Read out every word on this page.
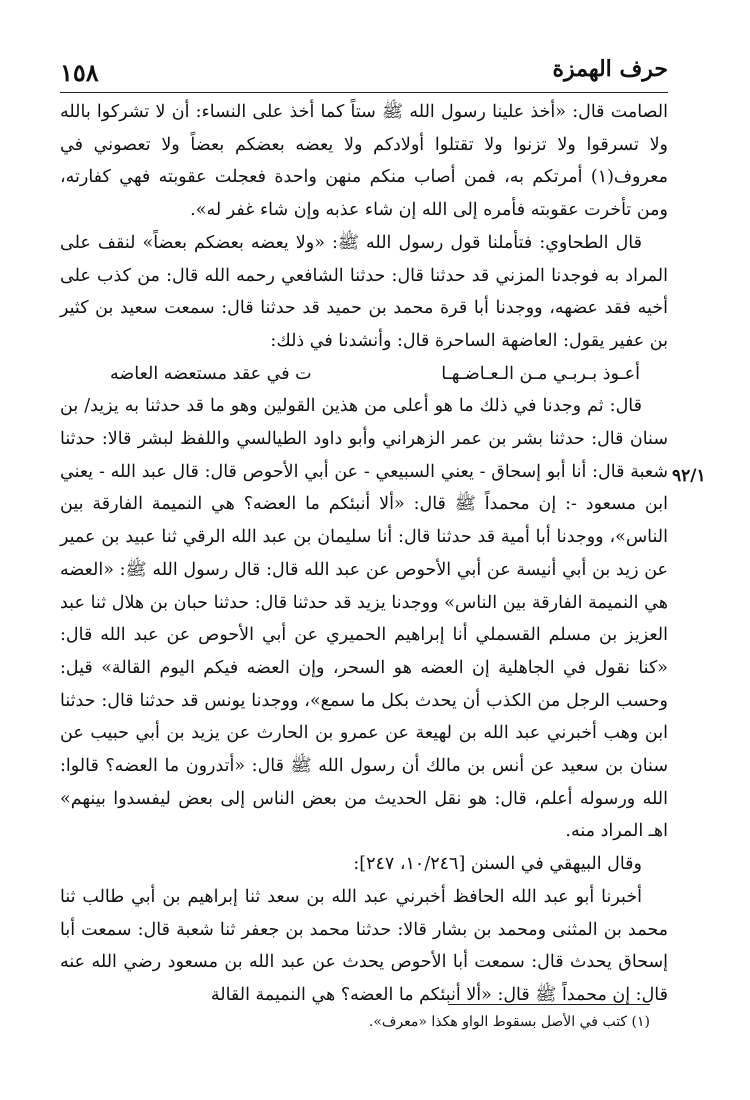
١٥٨	حرف الهمزة

الصامت قال: «أخذ علينا رسول الله ﷺ ستاً كما أخذ على النساء: أن لا تشركوا بالله ولا تسرقوا ولا تزنوا ولا تقتلوا أولادكم ولا يعضه بعضكم بعضاً ولا تعصوني في معروف(١) أمرتكم به، فمن أصاب منكم منهن واحدة فعجلت عقوبته فهي كفارته، ومن تأخرت عقوبته فأمره إلى الله إن شاء عذبه وإن شاء غفر له».

قال الطحاوي: فتأملنا قول رسول الله ﷺ: «ولا يعضه بعضكم بعضاً» لنقف على المراد به فوجدنا المزني قد حدثنا قال: حدثنا الشافعي رحمه الله قال: من كذب على أخيه فقد عضهه، ووجدنا أبا قرة محمد بن حميد قد حدثنا قال: سمعت سعيد بن كثير بن عفير يقول: العاضهة الساحرة قال: وأنشدنا في ذلك:

أعـوذ بـربـي مـن الـعـاضـهـا
ت في عقد مستعضه العاضه

قال: ثم وجدنا في ذلك ما هو أعلى من هذين القولين وهو ما قد حدثنا به يزيد/ بن سنان قال: حدثنا بشر بن عمر الزهراني وأبو داود الطيالسي واللفظ لبشر قالا: حدثنا شعبة قال: أنا أبو إسحاق - يعني السبيعي - عن أبي الأحوص قال: قال عبد الله - يعني ابن مسعود -: إن محمداً ﷺ قال: «ألا أنبئكم ما العضه؟ هي النميمة الفارقة بين الناس»، ووجدنا أبا أمية قد حدثنا قال: أنا سليمان بن عبد الله الرقي ثنا عبيد بن عمير عن زيد بن أبي أنيسة عن أبي الأحوص عن عبد الله قال: قال رسول الله ﷺ: «العضه هي النميمة الفارقة بين الناس» ووجدنا يزيد قد حدثنا قال: حدثنا حبان بن هلال ثنا عبد العزيز بن مسلم القسملي أنا إبراهيم الحميري عن أبي الأحوص عن عبد الله قال: «كنا نقول في الجاهلية إن العضه هو السحر، وإن العضه فيكم اليوم القالة» قيل: وحسب الرجل من الكذب أن يحدث بكل ما سمع»، ووجدنا يونس قد حدثنا قال: حدثنا ابن وهب أخبرني عبد الله بن لهيعة عن عمرو بن الحارث عن يزيد بن أبي حبيب عن سنان بن سعيد عن أنس بن مالك أن رسول الله ﷺ قال: «أتدرون ما العضه؟ قالوا: الله ورسوله أعلم، قال: هو نقل الحديث من بعض الناس إلى بعض ليفسدوا بينهم» اهـ المراد منه.

وقال البيهقي في السنن [١٠/٢٤٦، ٢٤٧]:

أخبرنا أبو عبد الله الحافظ أخبرني عبد الله بن سعد ثنا إبراهيم بن أبي طالب ثنا محمد بن المثنى ومحمد بن بشار قالا: حدثنا محمد بن جعفر ثنا شعبة قال: سمعت أبا إسحاق يحدث قال: سمعت أبا الأحوص يحدث عن عبد الله بن مسعود رضي الله عنه قال: إن محمداً ﷺ قال: «ألا أنبئكم ما العضه؟ هي النميمة القالة

٩٢/١
(١) كتب في الأصل بسقوط الواو هكذا «معرف».
